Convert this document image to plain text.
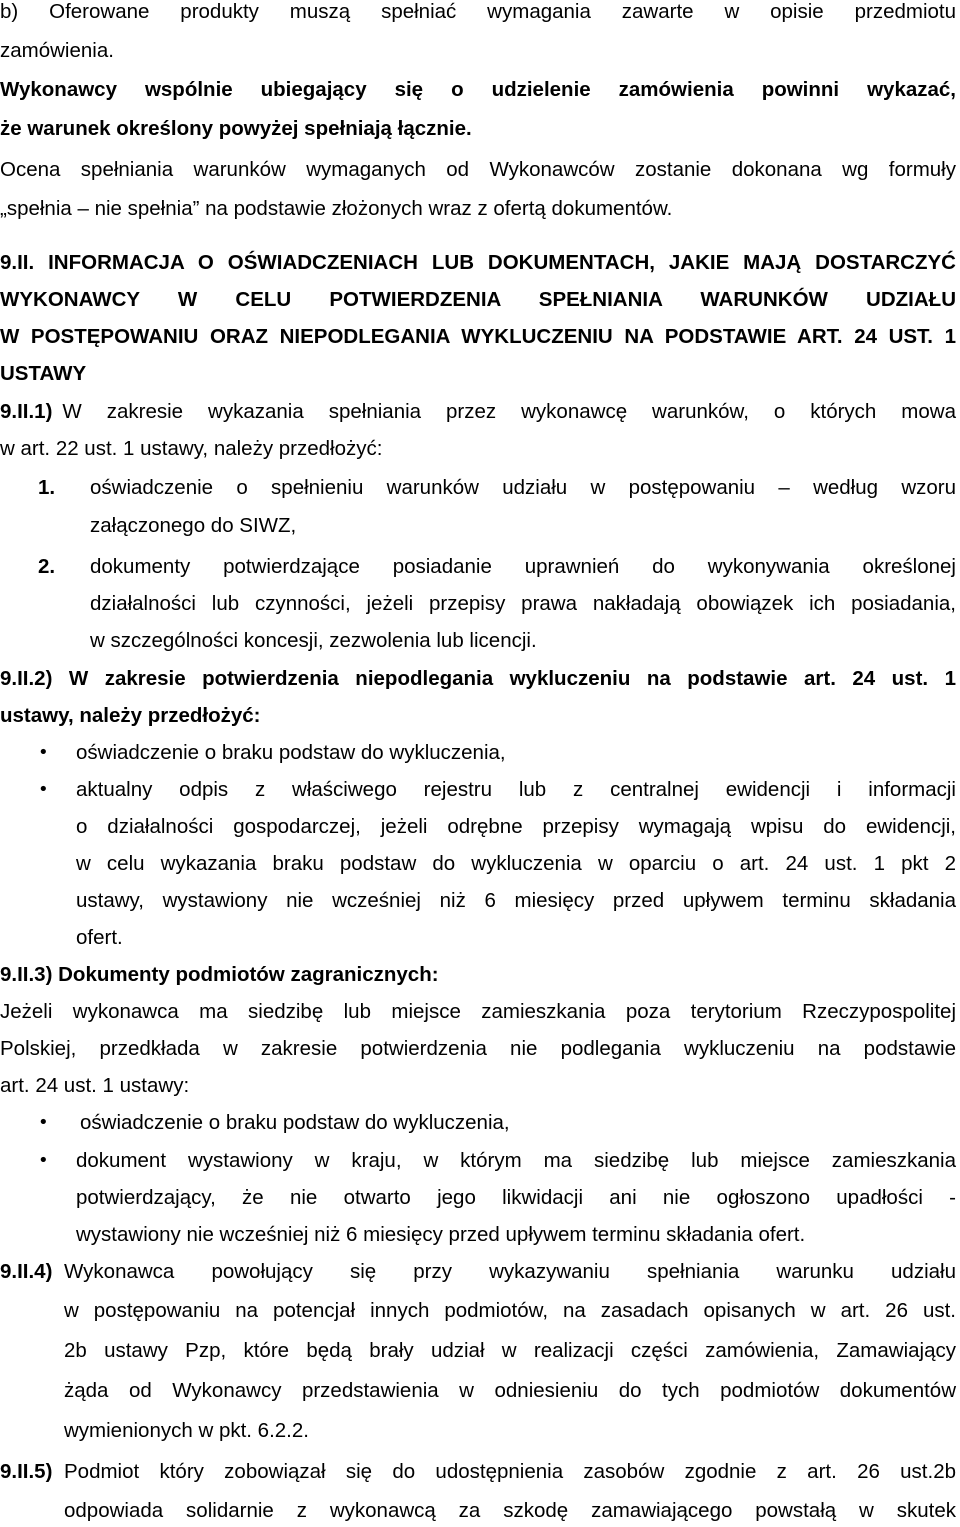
b) Oferowane produkty muszą spełniać wymagania zawarte w opisie przedmiotu
zamówienia.
Wykonawcy wspólnie ubiegający się o udzielenie zamówienia powinni wykazać,
że warunek określony powyżej spełniają łącznie.
Ocena spełniania warunków wymaganych od Wykonawców zostanie dokonana wg formuły
„spełnia – nie spełnia” na podstawie złożonych wraz z ofertą dokumentów.
9.II. INFORMACJA O OŚWIADCZENIACH LUB DOKUMENTACH, JAKIE MAJĄ DOSTARCZYĆ
WYKONAWCY W CELU POTWIERDZENIA SPEŁNIANIA WARUNKÓW UDZIAŁU
W POSTĘPOWANIU ORAZ NIEPODLEGANIA WYKLUCZENIU NA PODSTAWIE ART. 24 UST. 1
USTAWY
9.II.1) W zakresie wykazania spełniania przez wykonawcę warunków, o których mowa
w art. 22 ust. 1 ustawy, należy przedłożyć:
1. oświadczenie o spełnieniu warunków udziału w postępowaniu – według wzoru
załączonego do SIWZ,
2. dokumenty potwierdzające posiadanie uprawnień do wykonywania określonej
działalności lub czynności, jeżeli przepisy prawa nakładają obowiązek ich posiadania,
w szczególności koncesji, zezwolenia lub licencji.
9.II.2) W zakresie potwierdzenia niepodlegania wykluczeniu na podstawie art. 24 ust. 1
ustawy, należy przedłożyć:
• oświadczenie o braku podstaw do wykluczenia,
• aktualny odpis z właściwego rejestru lub z centralnej ewidencji i informacji
o działalności gospodarczej, jeżeli odrębne przepisy wymagają wpisu do ewidencji,
w celu wykazania braku podstaw do wykluczenia w oparciu o art. 24 ust. 1 pkt 2
ustawy, wystawiony nie wcześniej niż 6 miesięcy przed upływem terminu składania
ofert.
9.II.3) Dokumenty podmiotów zagranicznych:
Jeżeli wykonawca ma siedzibę lub miejsce zamieszkania poza terytorium Rzeczypospolitej
Polskiej, przedkłada w zakresie potwierdzenia nie podlegania wykluczeniu na podstawie
art. 24 ust. 1 ustawy:
• oświadczenie o braku podstaw do wykluczenia,
• dokument wystawiony w kraju, w którym ma siedzibę lub miejsce zamieszkania
potwierdzający, że nie otwarto jego likwidacji ani nie ogłoszono upadłości -
wystawiony nie wcześniej niż 6 miesięcy przed upływem terminu składania ofert.
9.II.4) Wykonawca powołujący się przy wykazywaniu spełniania warunku udziału
w postępowaniu na potencjał innych podmiotów, na zasadach opisanych w art. 26 ust.
2b ustawy Pzp, które będą brały udział w realizacji części zamówienia, Zamawiający
żąda od Wykonawcy przedstawienia w odniesieniu do tych podmiotów dokumentów
wymienionych w pkt. 6.2.2.
9.II.5) Podmiot który zobowiązał się do udostępnienia zasobów zgodnie z art. 26 ust.2b
odpowiada solidarnie z wykonawcą za szkodę zamawiającego powstałą w skutek
